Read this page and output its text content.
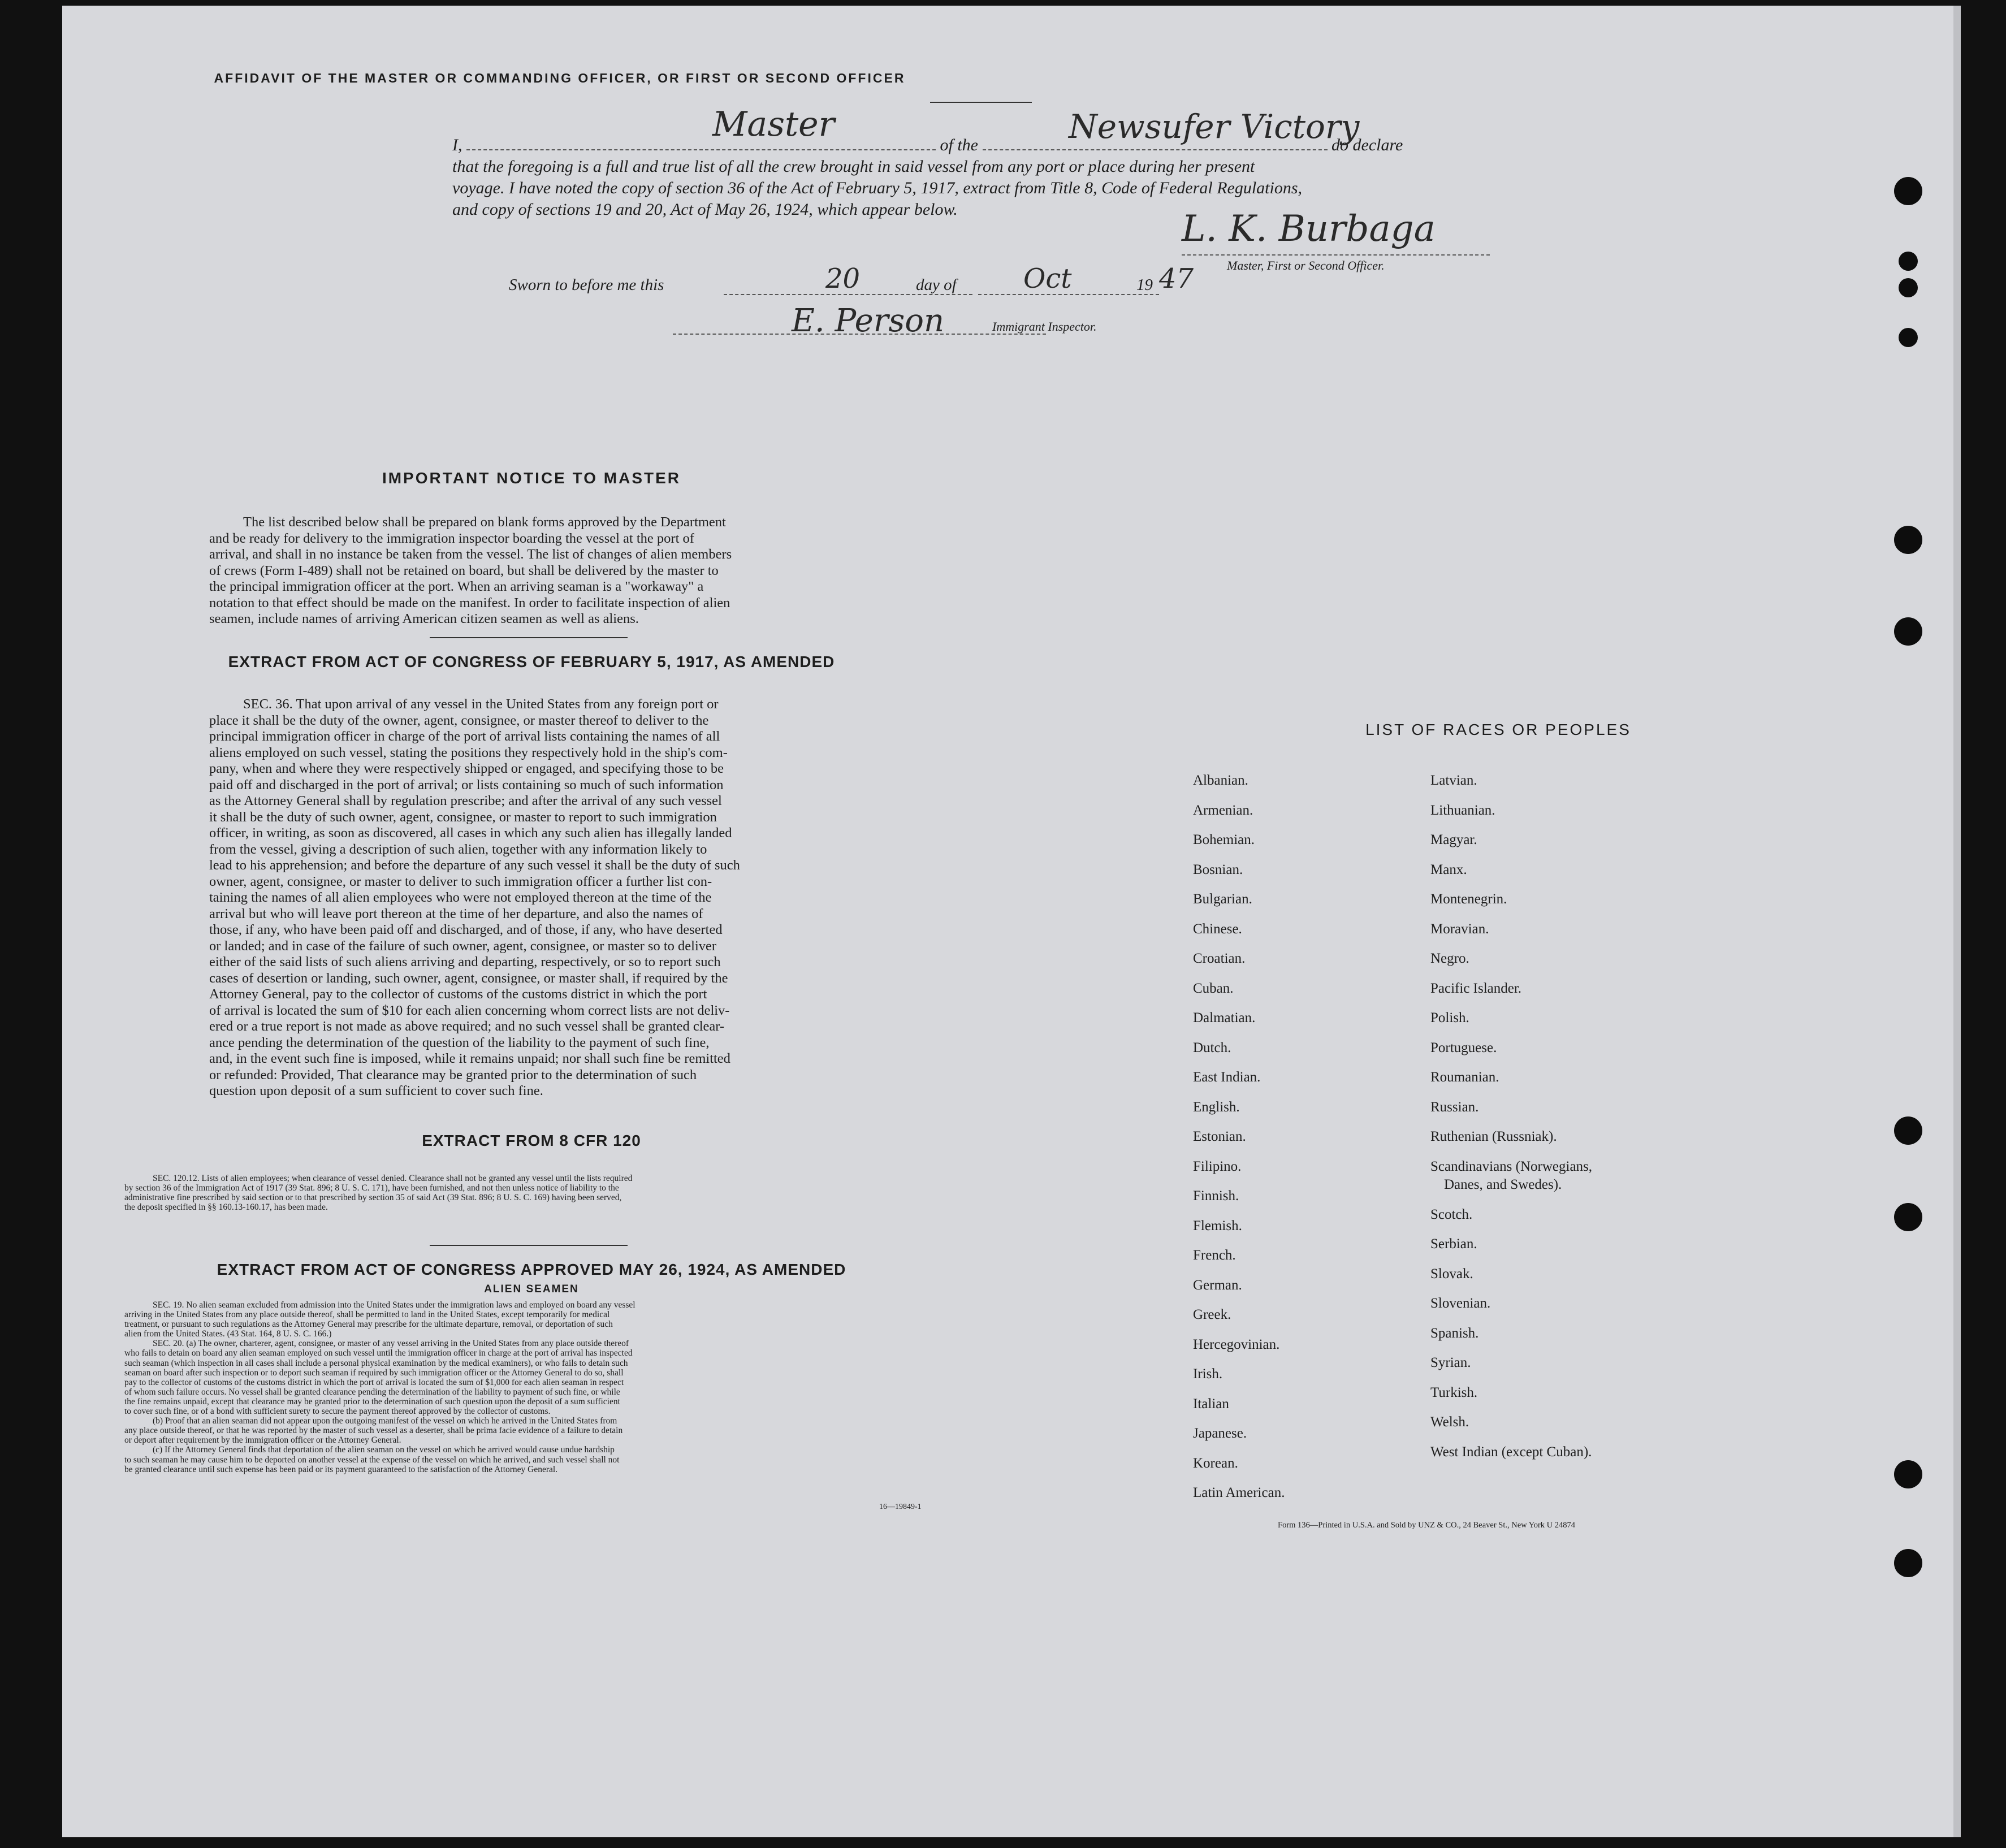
AFFIDAVIT OF THE MASTER OR COMMANDING OFFICER, OR FIRST OR SECOND OFFICER
I,	of the	do declare
that the foregoing is a full and true list of all the crew brought in said vessel from any port or place during her present
voyage. I have noted the copy of section 36 of the Act of February 5, 1917, extract from Title 8, Code of Federal Regulations,
and copy of sections 19 and 20, Act of May 26, 1924, which appear below.
Master	Newsufer Victory
L. K. Burbaga
Master, First or Second Officer.
Sworn to before me this	20	day of Oct	19 47
E. Person	Immigrant Inspector.
IMPORTANT NOTICE TO MASTER
The list described below shall be prepared on blank forms approved by the Department
and be ready for delivery to the immigration inspector boarding the vessel at the port of
arrival, and shall in no instance be taken from the vessel. The list of changes of alien members
of crews (Form I-489) shall not be retained on board, but shall be delivered by the master to
the principal immigration officer at the port. When an arriving seaman is a "workaway" a
notation to that effect should be made on the manifest. In order to facilitate inspection of alien
seamen, include names of arriving American citizen seamen as well as aliens.
EXTRACT FROM ACT OF CONGRESS OF FEBRUARY 5, 1917, AS AMENDED
SEC. 36. That upon arrival of any vessel in the United States from any foreign port or
place it shall be the duty of the owner, agent, consignee, or master thereof to deliver to the
principal immigration officer in charge of the port of arrival lists containing the names of all
aliens employed on such vessel, stating the positions they respectively hold in the ship's com-
pany, when and where they were respectively shipped or engaged, and specifying those to be
paid off and discharged in the port of arrival; or lists containing so much of such information
as the Attorney General shall by regulation prescribe; and after the arrival of any such vessel
it shall be the duty of such owner, agent, consignee, or master to report to such immigration
officer, in writing, as soon as discovered, all cases in which any such alien has illegally landed
from the vessel, giving a description of such alien, together with any information likely to
lead to his apprehension; and before the departure of any such vessel it shall be the duty of such
owner, agent, consignee, or master to deliver to such immigration officer a further list con-
taining the names of all alien employees who were not employed thereon at the time of the
arrival but who will leave port thereon at the time of her departure, and also the names of
those, if any, who have been paid off and discharged, and of those, if any, who have deserted
or landed; and in case of the failure of such owner, agent, consignee, or master so to deliver
either of the said lists of such aliens arriving and departing, respectively, or so to report such
cases of desertion or landing, such owner, agent, consignee, or master shall, if required by the
Attorney General, pay to the collector of customs of the customs district in which the port
of arrival is located the sum of $10 for each alien concerning whom correct lists are not deliv-
ered or a true report is not made as above required; and no such vessel shall be granted clear-
ance pending the determination of the question of the liability to the payment of such fine,
and, in the event such fine is imposed, while it remains unpaid; nor shall such fine be remitted
or refunded: Provided, That clearance may be granted prior to the determination of such
question upon deposit of a sum sufficient to cover such fine.
EXTRACT FROM 8 CFR 120
SEC. 120.12. Lists of alien employees; when clearance of vessel denied. Clearance shall not be granted any vessel until the lists required
by section 36 of the Immigration Act of 1917 (39 Stat. 896; 8 U. S. C. 171), have been furnished, and not then unless notice of liability to the
administrative fine prescribed by said section or to that prescribed by section 35 of said Act (39 Stat. 896; 8 U. S. C. 169) having been served,
the deposit specified in §§ 160.13-160.17, has been made.
EXTRACT FROM ACT OF CONGRESS APPROVED MAY 26, 1924, AS AMENDED
ALIEN SEAMEN
SEC. 19. No alien seaman excluded from admission into the United States under the immigration laws and employed on board any vessel
arriving in the United States from any place outside thereof, shall be permitted to land in the United States, except temporarily for medical
treatment, or pursuant to such regulations as the Attorney General may prescribe for the ultimate departure, removal, or deportation of such
alien from the United States. (43 Stat. 164, 8 U. S. C. 166.)
SEC. 20. (a) The owner, charterer, agent, consignee, or master of any vessel arriving in the United States from any place outside thereof
who fails to detain on board any alien seaman employed on such vessel until the immigration officer in charge at the port of arrival has inspected
such seaman (which inspection in all cases shall include a personal physical examination by the medical examiners), or who fails to detain such
seaman on board after such inspection or to deport such seaman if required by such immigration officer or the Attorney General to do so, shall
pay to the collector of customs of the customs district in which the port of arrival is located the sum of $1,000 for each alien seaman in respect
of whom such failure occurs. No vessel shall be granted clearance pending the determination of the liability to payment of such fine, or while
the fine remains unpaid, except that clearance may be granted prior to the determination of such question upon the deposit of a sum sufficient
to cover such fine, or of a bond with sufficient surety to secure the payment thereof approved by the collector of customs.
(b) Proof that an alien seaman did not appear upon the outgoing manifest of the vessel on which he arrived in the United States from
any place outside thereof, or that he was reported by the master of such vessel as a deserter, shall be prima facie evidence of a failure to detain
or deport after requirement by the immigration officer or the Attorney General.
(c) If the Attorney General finds that deportation of the alien seaman on the vessel on which he arrived would cause undue hardship
to such seaman he may cause him to be deported on another vessel at the expense of the vessel on which he arrived, and such vessel shall not
be granted clearance until such expense has been paid or its payment guaranteed to the satisfaction of the Attorney General.
16—19849-1
LIST OF RACES OR PEOPLES
Albanian.
Armenian.
Bohemian.
Bosnian.
Bulgarian.
Chinese.
Croatian.
Cuban.
Dalmatian.
Dutch.
East Indian.
English.
Estonian.
Filipino.
Finnish.
Flemish.
French.
German.
Greek.
Hercegovinian.
Irish.
Italian
Japanese.
Korean.
Latin American.
Latvian.
Lithuanian.
Magyar.
Manx.
Montenegrin.
Moravian.
Negro.
Pacific Islander.
Polish.
Portuguese.
Roumanian.
Russian.
Ruthenian (Russniak).
Scandinavians (Norwegians,
Danes, and Swedes).
Scotch.
Serbian.
Slovak.
Slovenian.
Spanish.
Syrian.
Turkish.
Welsh.
West Indian (except Cuban).
Form 136—Printed in U.S.A. and Sold by UNZ & CO., 24 Beaver St., New York U 24874
